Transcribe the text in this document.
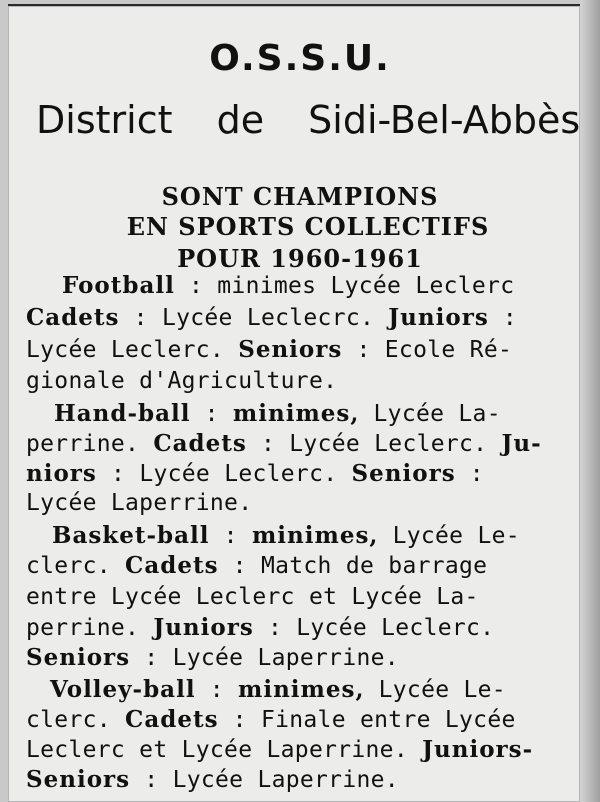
O.S.S.U.
District de Sidi-Bel-Abbès
SONT CHAMPIONS
EN SPORTS COLLECTIFS
POUR 1960-1961
Football : minimes Lycée Leclerc
Cadets : Lycée Leclecrc. Juniors :
Lycée Leclerc. Seniors : Ecole Ré-
gionale d'Agriculture.
Hand-ball : minimes, Lycée La-
perrine. Cadets : Lycée Leclerc. Ju-
niors : Lycée Leclerc. Seniors :
Lycée Laperrine.
Basket-ball : minimes, Lycée Le-
clerc. Cadets : Match de barrage
entre Lycée Leclerc et Lycée La-
perrine. Juniors : Lycée Leclerc.
Seniors : Lycée Laperrine.
Volley-ball : minimes, Lycée Le-
clerc. Cadets : Finale entre Lycée
Leclerc et Lycée Laperrine. Juniors-
Seniors : Lycée Laperrine.
